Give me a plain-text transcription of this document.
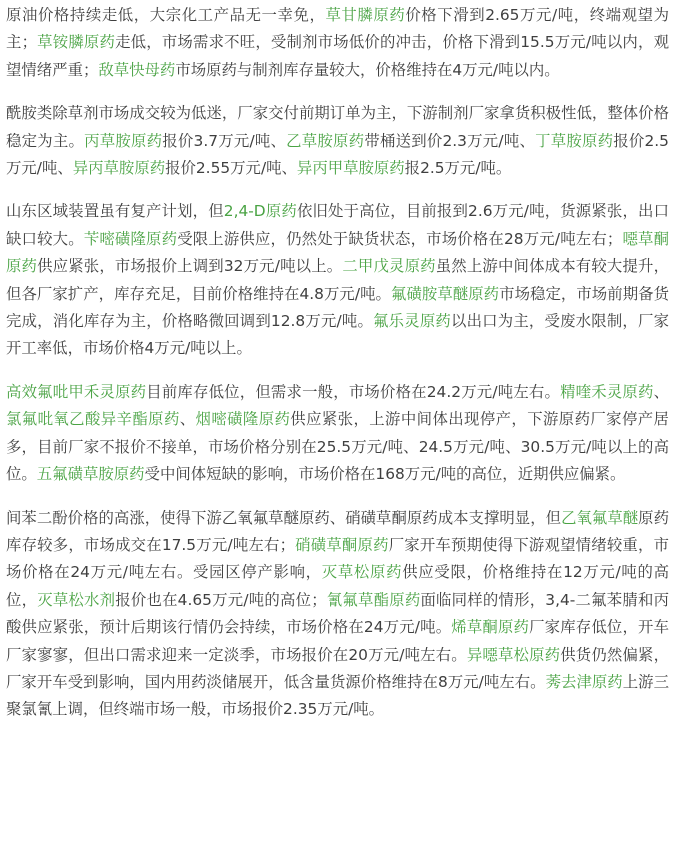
原油价格持续走低，大宗化工产品无一幸免，草甘膦原药价格下滑到2.65万元/吨，终端观望为主；草铵膦原药走低，市场需求不旺，受制剂市场低价的冲击，价格下滑到15.5万元/吨以内，观望情绪严重；敌草快母药市场原药与制剂库存量较大，价格维持在4万元/吨以内。

酰胺类除草剂市场成交较为低迷，厂家交付前期订单为主，下游制剂厂家拿货积极性低，整体价格稳定为主。丙草胺原药报价3.7万元/吨、乙草胺原药带桶送到价2.3万元/吨、丁草胺原药报价2.5万元/吨、异丙草胺原药报价2.55万元/吨、异丙甲草胺原药报2.5万元/吨。

山东区域装置虽有复产计划，但2,4-D原药依旧处于高位，目前报到2.6万元/吨，货源紧张，出口缺口较大。苄嘧磺隆原药受限上游供应，仍然处于缺货状态，市场价格在28万元/吨左右；噁草酮原药供应紧张，市场报价上调到32万元/吨以上。二甲戊灵原药虽然上游中间体成本有较大提升，但各厂家扩产，库存充足，目前价格维持在4.8万元/吨。氟磺胺草醚原药市场稳定，市场前期备货完成，消化库存为主，价格略微回调到12.8万元/吨。氟乐灵原药以出口为主，受废水限制，厂家开工率低，市场价格4万元/吨以上。

高效氟吡甲禾灵原药目前库存低位，但需求一般，市场价格在24.2万元/吨左右。精喹禾灵原药、氯氟吡氧乙酸异辛酯原药、烟嘧磺隆原药供应紧张，上游中间体出现停产，下游原药厂家停产居多，目前厂家不报价不接单，市场价格分别在25.5万元/吨、24.5万元/吨、30.5万元/吨以上的高位。五氟磺草胺原药受中间体短缺的影响，市场价格在168万元/吨的高位，近期供应偏紧。

间苯二酚价格的高涨，使得下游乙氧氟草醚原药、硝磺草酮原药成本支撑明显，但乙氧氟草醚原药库存较多，市场成交在17.5万元/吨左右；硝磺草酮原药厂家开车预期使得下游观望情绪较重，市场价格在24万元/吨左右。受园区停产影响，灭草松原药供应受限，价格维持在12万元/吨的高位，灭草松水剂报价也在4.65万元/吨的高位；氰氟草酯原药面临同样的情形，3,4-二氟苯腈和丙酸供应紧张，预计后期该行情仍会持续，市场价格在24万元/吨。烯草酮原药厂家库存低位，开车厂家寥寥，但出口需求迎来一定淡季，市场报价在20万元/吨左右。异噁草松原药供货仍然偏紧，厂家开车受到影响，国内用药淡储展开，低含量货源价格维持在8万元/吨左右。莠去津原药上游三聚氯氰上调，但终端市场一般，市场报价2.35万元/吨。
